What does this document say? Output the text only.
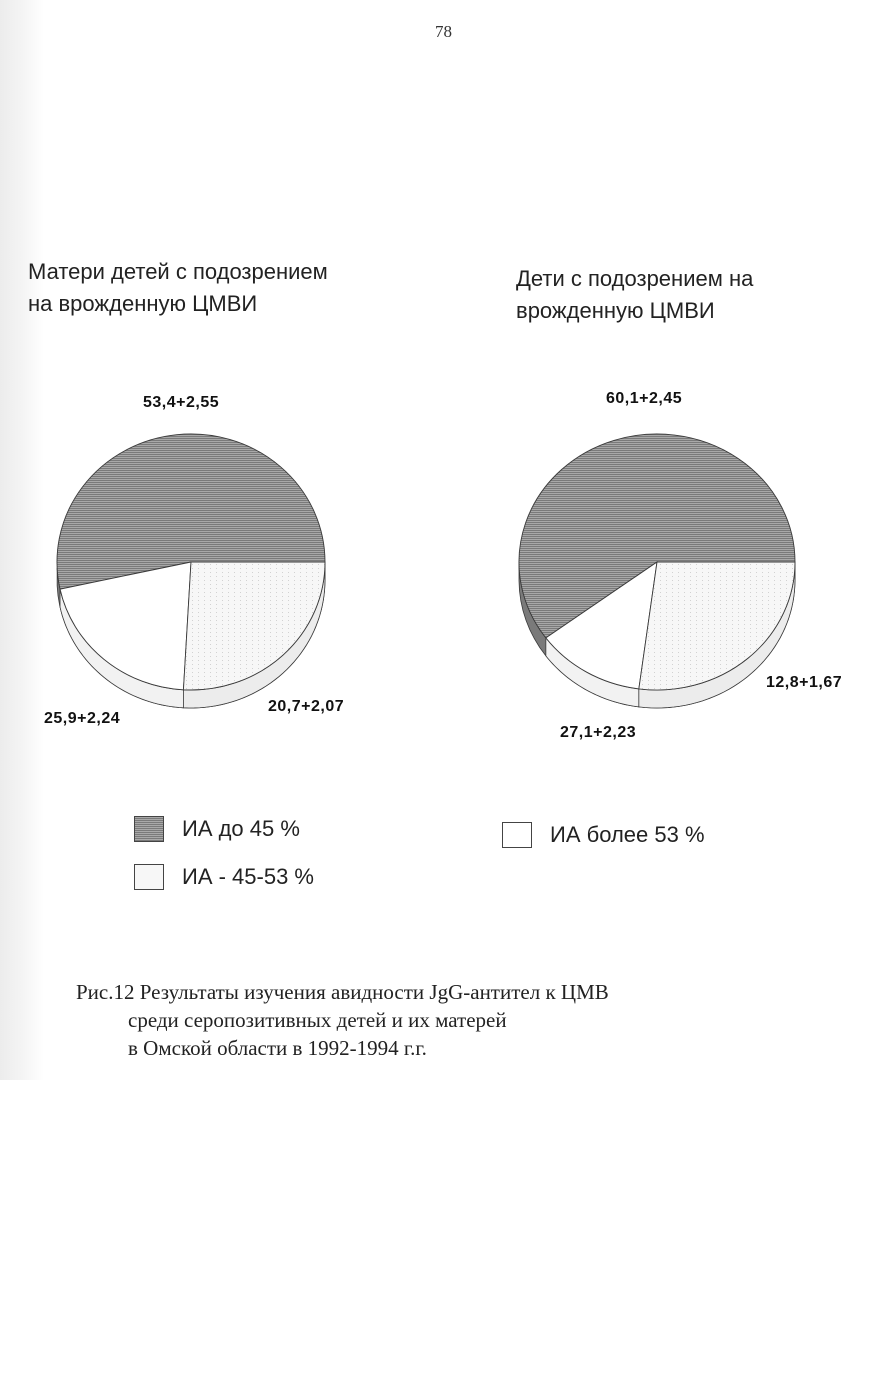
78
Матери детей с подозрением
на врожденную ЦМВИ
Дети с подозрением на
врожденную ЦМВИ
53,4+2,55
20,7+2,07
25,9+2,24
60,1+2,45
12,8+1,67
27,1+2,23
ИА до 45 %
ИА - 45-53 %
ИА более 53 %
Рис.12 Результаты изучения авидности JgG-антител к ЦМВ
среди серопозитивных детей и их матерей
в Омской области в 1992-1994 г.г.
